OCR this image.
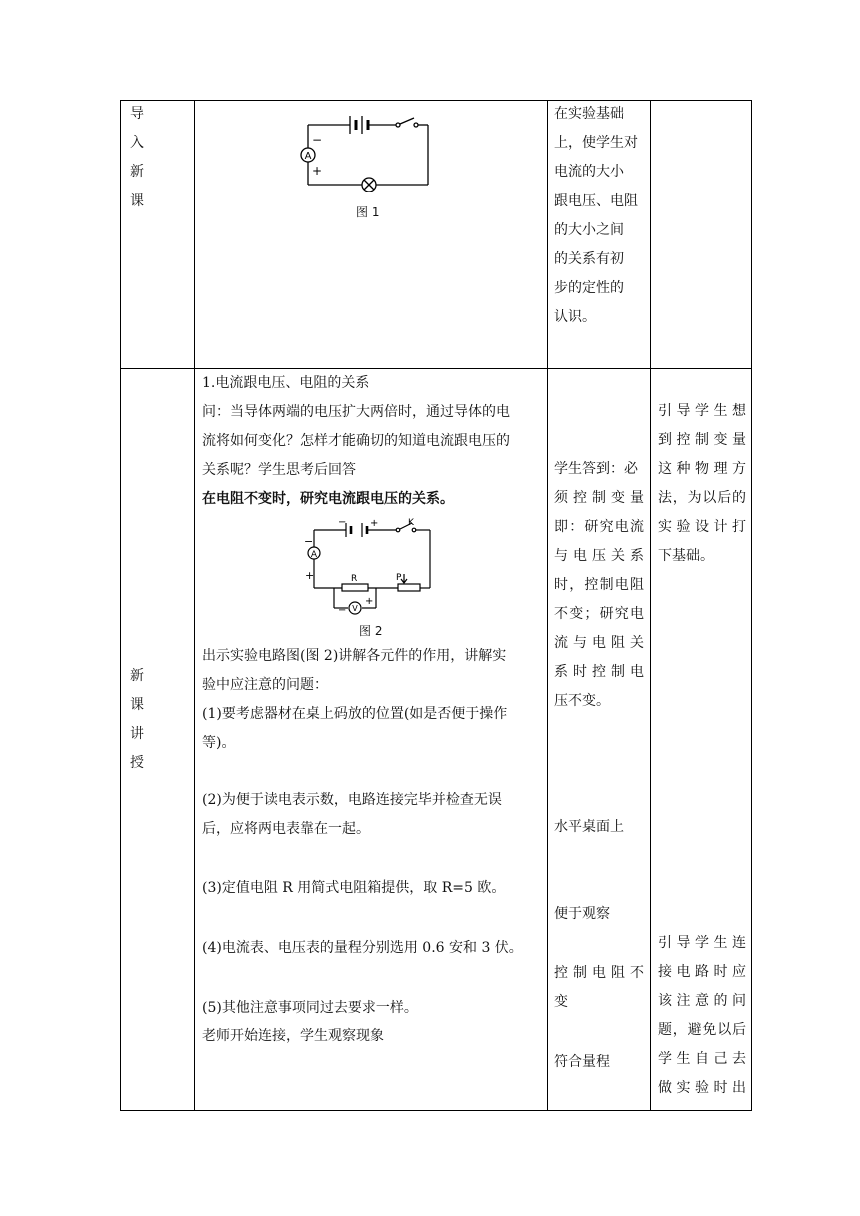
导
入
新
课
A
−
+
图 1

在实验基础

上，使学生对

电流的大小

跟电压、电阻

的大小之间

的关系有初

步的定性的

认识。

新
课
讲
授

1.电流跟电压、电阻的关系

问：当导体两端的电压扩大两倍时，通过导体的电

流将如何变化？怎样才能确切的知道电流跟电压的

关系呢？学生思考后回答

在电阻不变时，研究电流跟电压的关系。

A
−
+
− +	K
R	P
V
−
+
图 2

出示实验电路图(图 2)讲解各元件的作用，讲解实

验中应注意的问题：

(1)要考虑器材在桌上码放的位置(如是否便于操作

等)。

(2)为便于读电表示数，电路连接完毕并检查无误

后，应将两电表靠在一起。

(3)定值电阻 R 用简式电阻箱提供，取 R=5 欧。
(4)电流表、电压表的量程分别选用 0.6 安和 3 伏。
(5)其他注意事项同过去要求一样。
老师开始连接，学生观察现象

学生答到：必

须控制变量

即：研究电流

与电压关系

时，控制电阻

不变；研究电

流与电阻关

系时控制电

压不变。

水平桌面上
便于观察

控制电阻不

变

符合量程

引导学生想

到控制变量

这种物理方

法，为以后的

实验设计打

下基础。

引导学生连

接电路时应

该注意的问

题，避免以后

学生自己去

做实验时出
